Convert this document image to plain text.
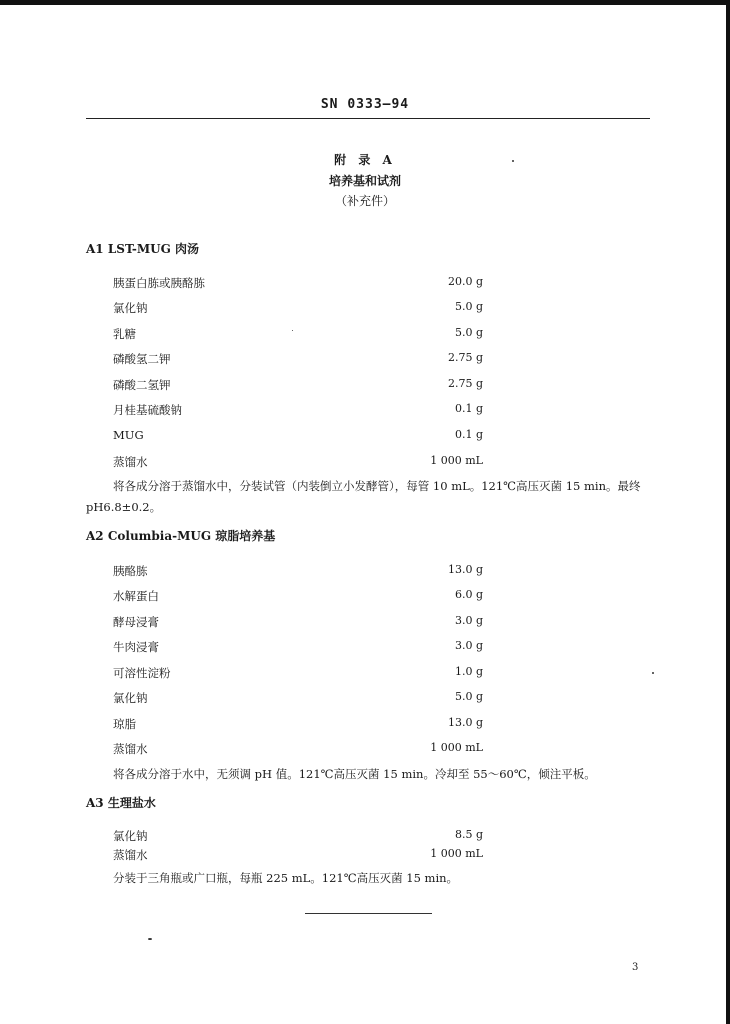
SN 0333—94
附 录 A
培养基和试剂
（补充件）
A1 LST-MUG 肉汤
胰蛋白胨或胰酪胨	20.0 g
氯化钠	5.0 g
乳糖	5.0 g
磷酸氢二钾	2.75 g
磷酸二氢钾	2.75 g
月桂基硫酸钠	0.1 g
MUG	0.1 g
蒸馏水	1 000 mL
将各成分溶于蒸馏水中，分装试管（内装倒立小发酵管），每管 10 mL。121℃高压灭菌 15 min。最终
pH6.8±0.2。
A2 Columbia-MUG 琼脂培养基
胰酪胨	13.0 g
水解蛋白	6.0 g
酵母浸膏	3.0 g
牛肉浸膏	3.0 g
可溶性淀粉	1.0 g
氯化钠	5.0 g
琼脂	13.0 g
蒸馏水	1 000 mL
将各成分溶于水中，无须调 pH 值。121℃高压灭菌 15 min。冷却至 55～60℃，倾注平板。
A3 生理盐水
氯化钠	8.5 g
蒸馏水	1 000 mL
分装于三角瓶或广口瓶，每瓶 225 mL。121℃高压灭菌 15 min。
3
